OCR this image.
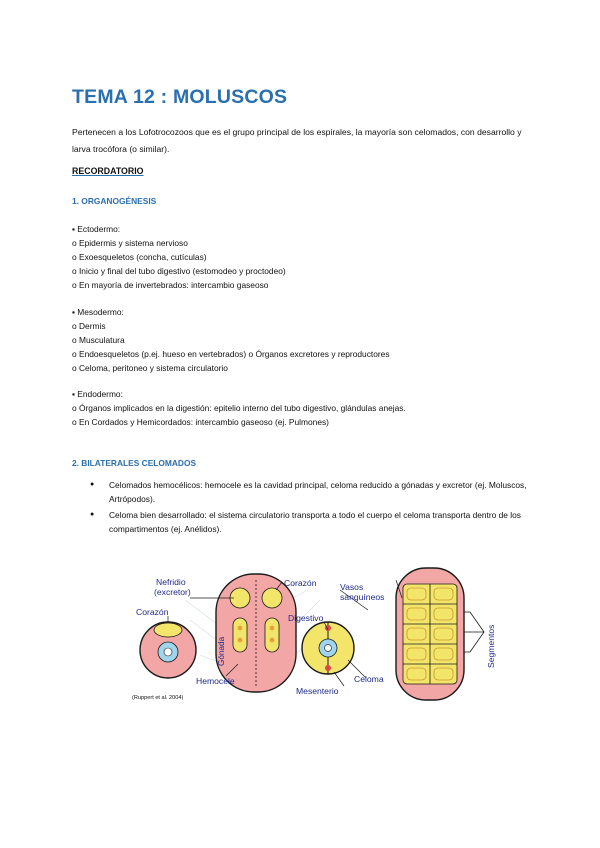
TEMA 12 : MOLUSCOS

Pertenecen a los Lofotrocozoos que es el grupo principal de los espirales, la mayoría son celomados, con desarrollo y larva trocófora (o similar).

RECORDATORIO

1. ORGANOGÉNESIS

▪ Ectodermo:
o Epidermis y sistema nervioso
o Exoesqueletos (concha, cutículas)
o Inicio y final del tubo digestivo (estomodeo y proctodeo)
o En mayoría de invertebrados: intercambio gaseoso
▪ Mesodermo:
o Dermis
o Musculatura
o Endoesqueletos (p.ej. hueso en vertebrados) o Órganos excretores y reproductores
o Celoma, peritoneo y sistema circulatorio
▪ Endodermo:
o Órganos implicados en la digestión: epitelio interno del tubo digestivo, glándulas anejas.
o En Cordados y Hemicordados: intercambio gaseoso (ej. Pulmones)

2. BILATERALES CELOMADOS

● Celomados hemocélicos: hemocele es la cavidad principal, celoma reducido a gónadas y excretor (ej. Moluscos, Artrópodos).
● Celoma bien desarrollado: el sistema circulatorio transporta a todo el cuerpo el celoma transporta dentro de los compartimentos (ej. Anélidos).
Nefridio
(excretor)
Corazón
Corazón
Gónada
Hemocele
(Ruppert et al. 2004)
Vasos
sanguíneos
Digestivo
Mesenterio
Celoma
Segmentos
